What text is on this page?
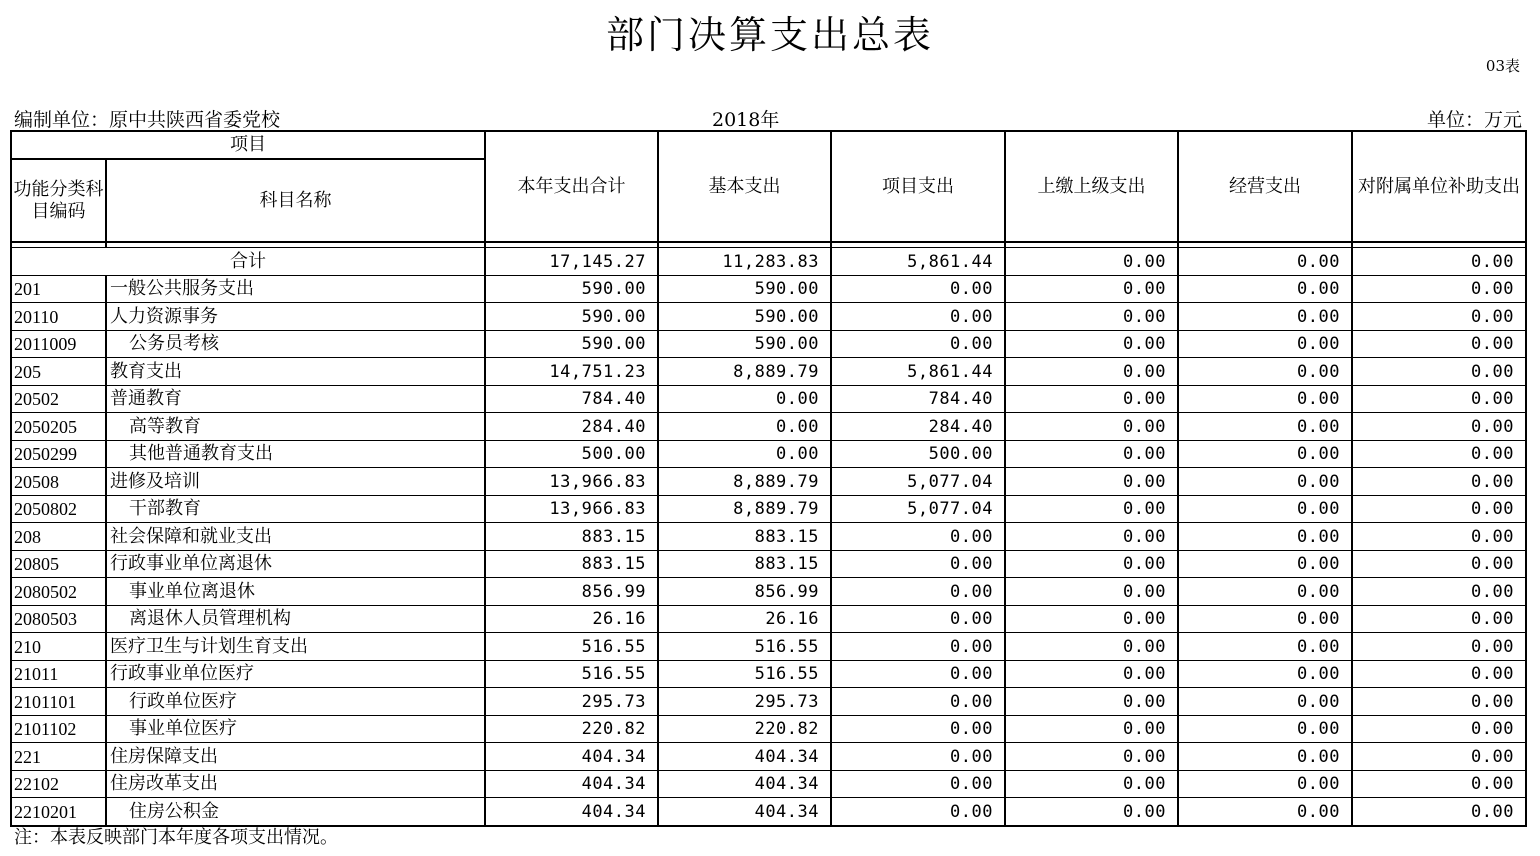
部门决算支出总表
03表
编制单位：原中共陕西省委党校	2018年	单位：万元
项目		本年支出合计	基本支出	项目支出	上缴上级支出	经营支出	对附属单位补助支出
功能分类科目编码	科目名称						

合计		17,145.27	11,283.83	5,861.44	0.00	0.00	0.00
201	一般公共服务支出	590.00	590.00	0.00	0.00	0.00	0.00
20110	人力资源事务	590.00	590.00	0.00	0.00	0.00	0.00
2011009	公务员考核	590.00	590.00	0.00	0.00	0.00	0.00
205	教育支出	14,751.23	8,889.79	5,861.44	0.00	0.00	0.00
20502	普通教育	784.40	0.00	784.40	0.00	0.00	0.00
2050205	高等教育	284.40	0.00	284.40	0.00	0.00	0.00
2050299	其他普通教育支出	500.00	0.00	500.00	0.00	0.00	0.00
20508	进修及培训	13,966.83	8,889.79	5,077.04	0.00	0.00	0.00
2050802	干部教育	13,966.83	8,889.79	5,077.04	0.00	0.00	0.00
208	社会保障和就业支出	883.15	883.15	0.00	0.00	0.00	0.00
20805	行政事业单位离退休	883.15	883.15	0.00	0.00	0.00	0.00
2080502	事业单位离退休	856.99	856.99	0.00	0.00	0.00	0.00
2080503	离退休人员管理机构	26.16	26.16	0.00	0.00	0.00	0.00
210	医疗卫生与计划生育支出	516.55	516.55	0.00	0.00	0.00	0.00
21011	行政事业单位医疗	516.55	516.55	0.00	0.00	0.00	0.00
2101101	行政单位医疗	295.73	295.73	0.00	0.00	0.00	0.00
2101102	事业单位医疗	220.82	220.82	0.00	0.00	0.00	0.00
221	住房保障支出	404.34	404.34	0.00	0.00	0.00	0.00
22102	住房改革支出	404.34	404.34	0.00	0.00	0.00	0.00
2210201	住房公积金	404.34	404.34	0.00	0.00	0.00	0.00
注：本表反映部门本年度各项支出情况。
